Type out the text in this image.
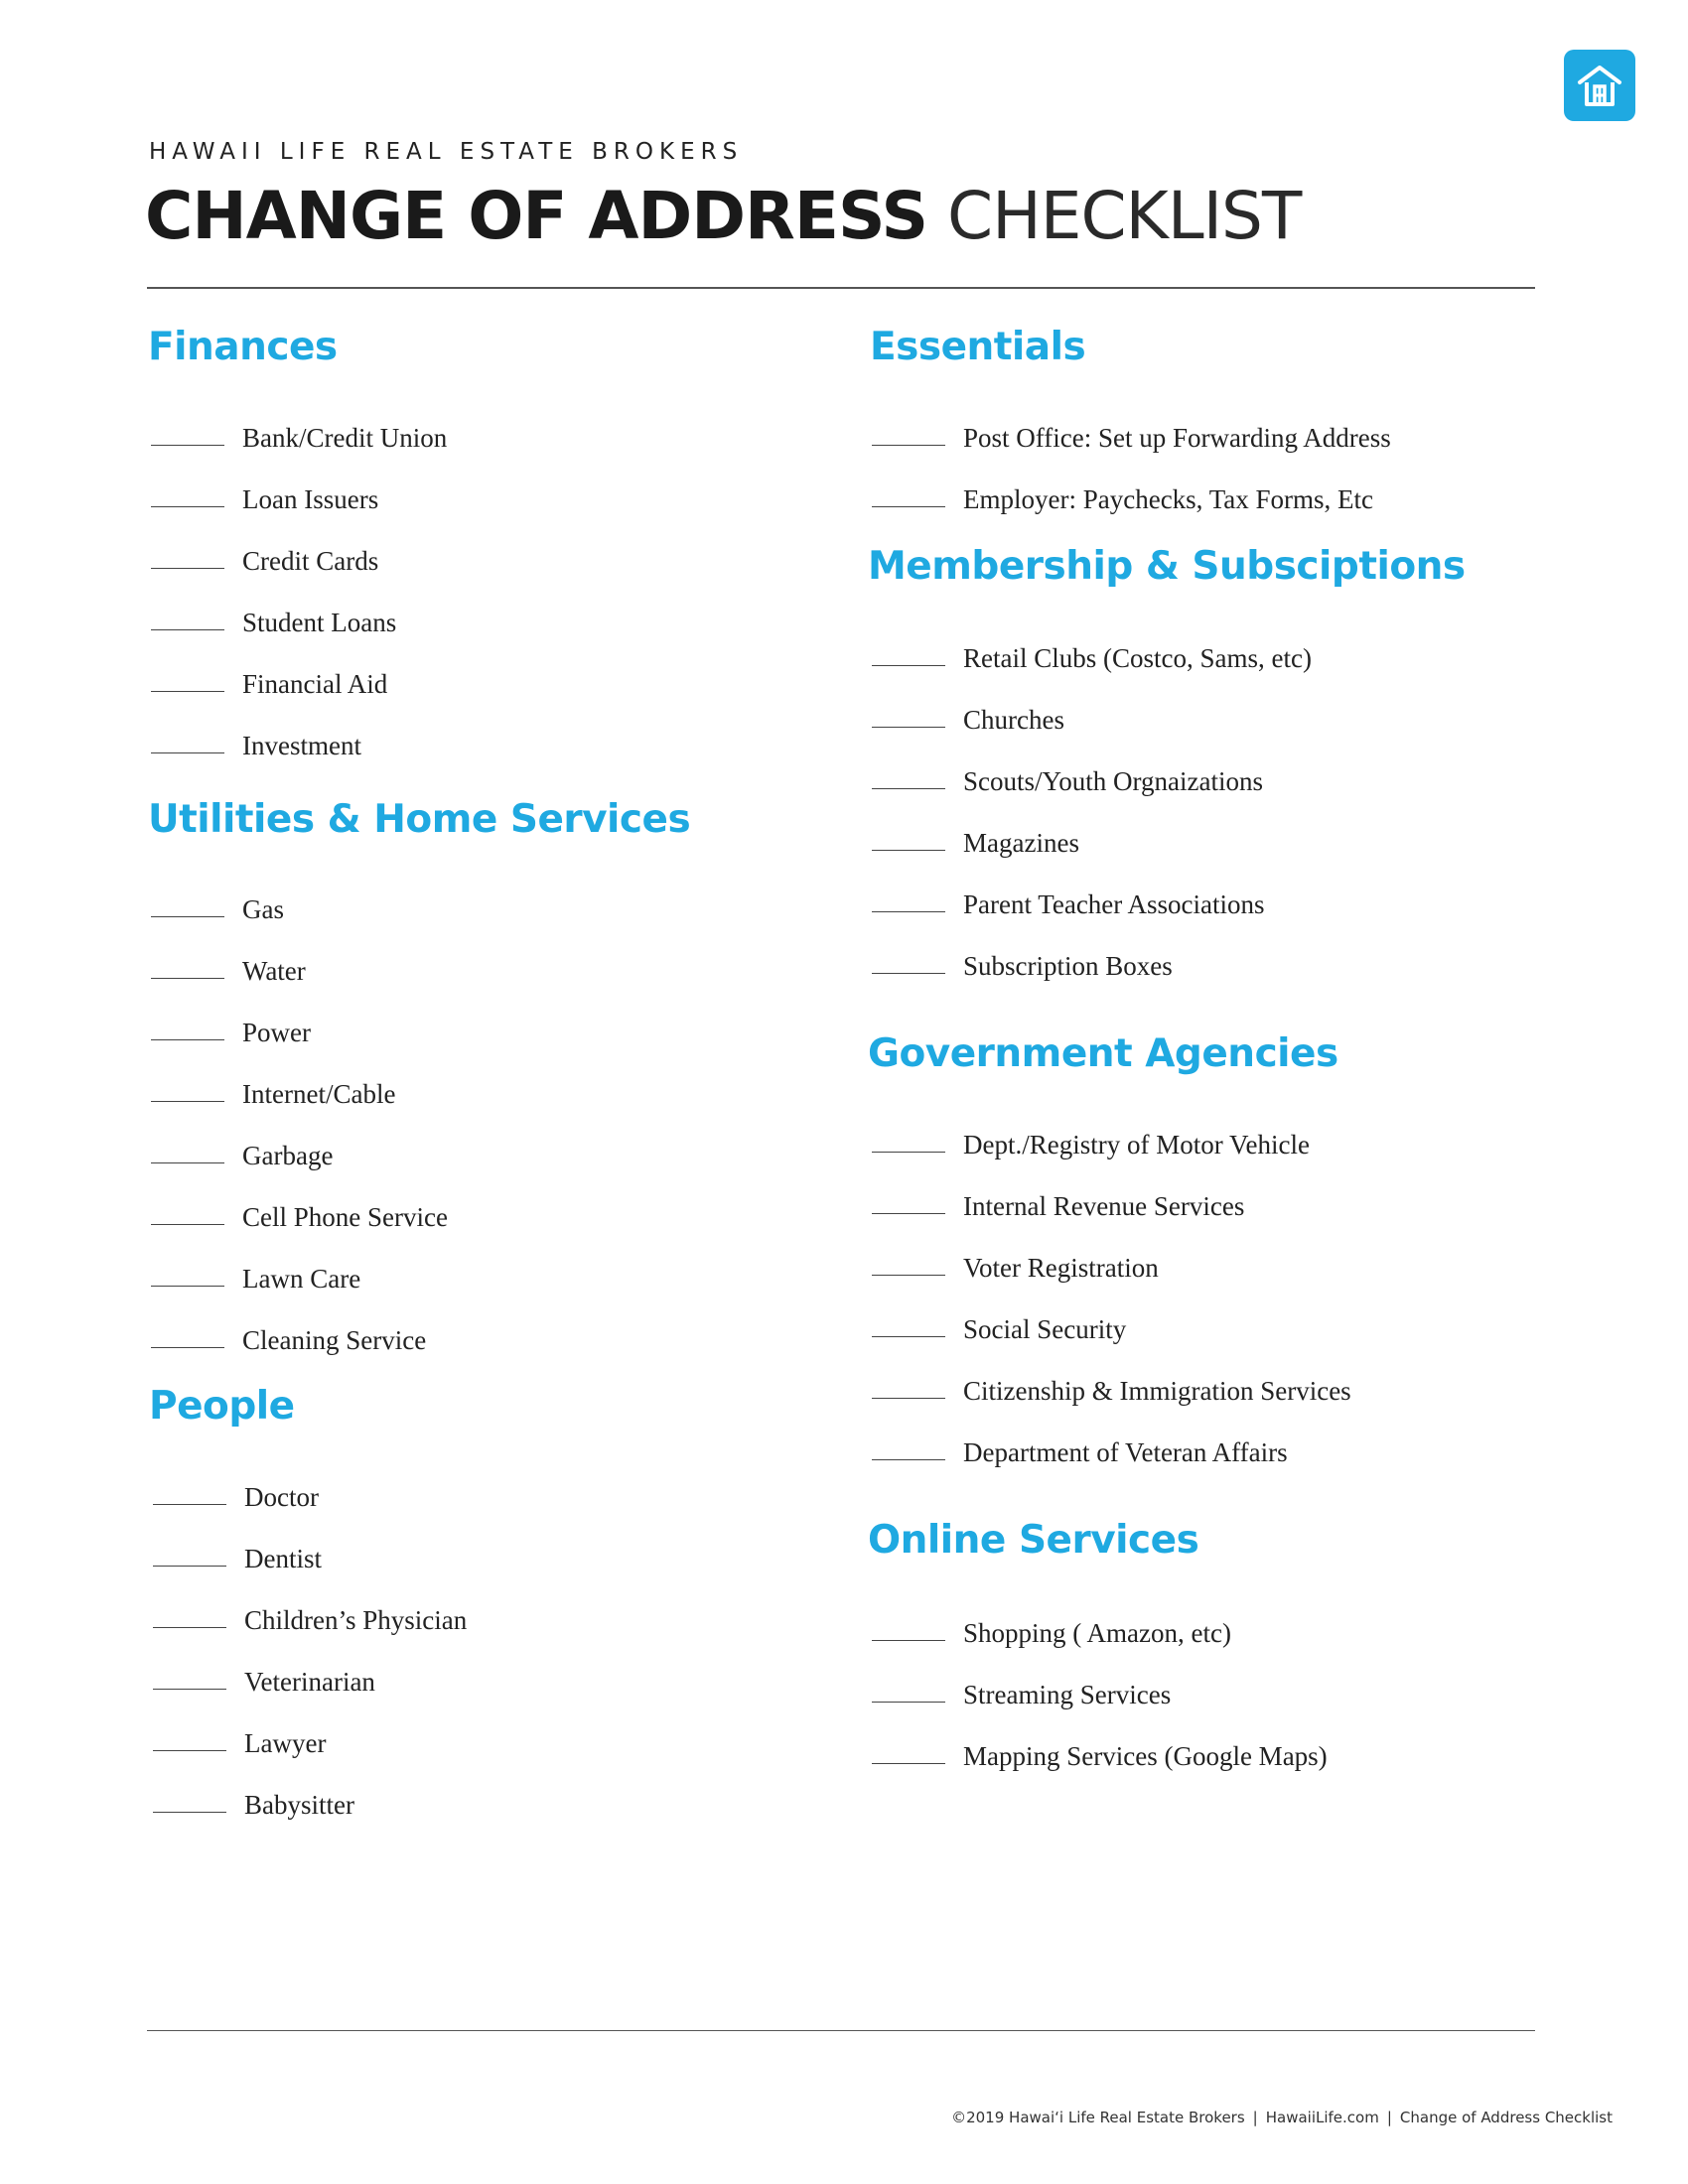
HAWAII LIFE REAL ESTATE BROKERS
CHANGE OF ADDRESS CHECKLIST
Finances
Bank/Credit Union
Loan Issuers
Credit Cards
Student Loans
Financial Aid
Investment
Utilities & Home Services
Gas
Water
Power
Internet/Cable
Garbage
Cell Phone Service
Lawn Care
Cleaning Service
People
Doctor
Dentist
Children’s Physician
Veterinarian
Lawyer
Babysitter
Essentials
Post Office: Set up Forwarding Address
Employer: Paychecks, Tax Forms, Etc
Membership & Subsciptions
Retail Clubs (Costco, Sams, etc)
Churches
Scouts/Youth Orgnaizations
Magazines
Parent Teacher Associations
Subscription Boxes
Government Agencies
Dept./Registry of Motor Vehicle
Internal Revenue Services
Voter Registration
Social Security
Citizenship & Immigration Services
Department of Veteran Affairs
Online Services
Shopping ( Amazon, etc)
Streaming Services
Mapping Services (Google Maps)
©2019 Hawai‘i Life Real Estate Brokers | HawaiiLife.com | Change of Address Checklist
